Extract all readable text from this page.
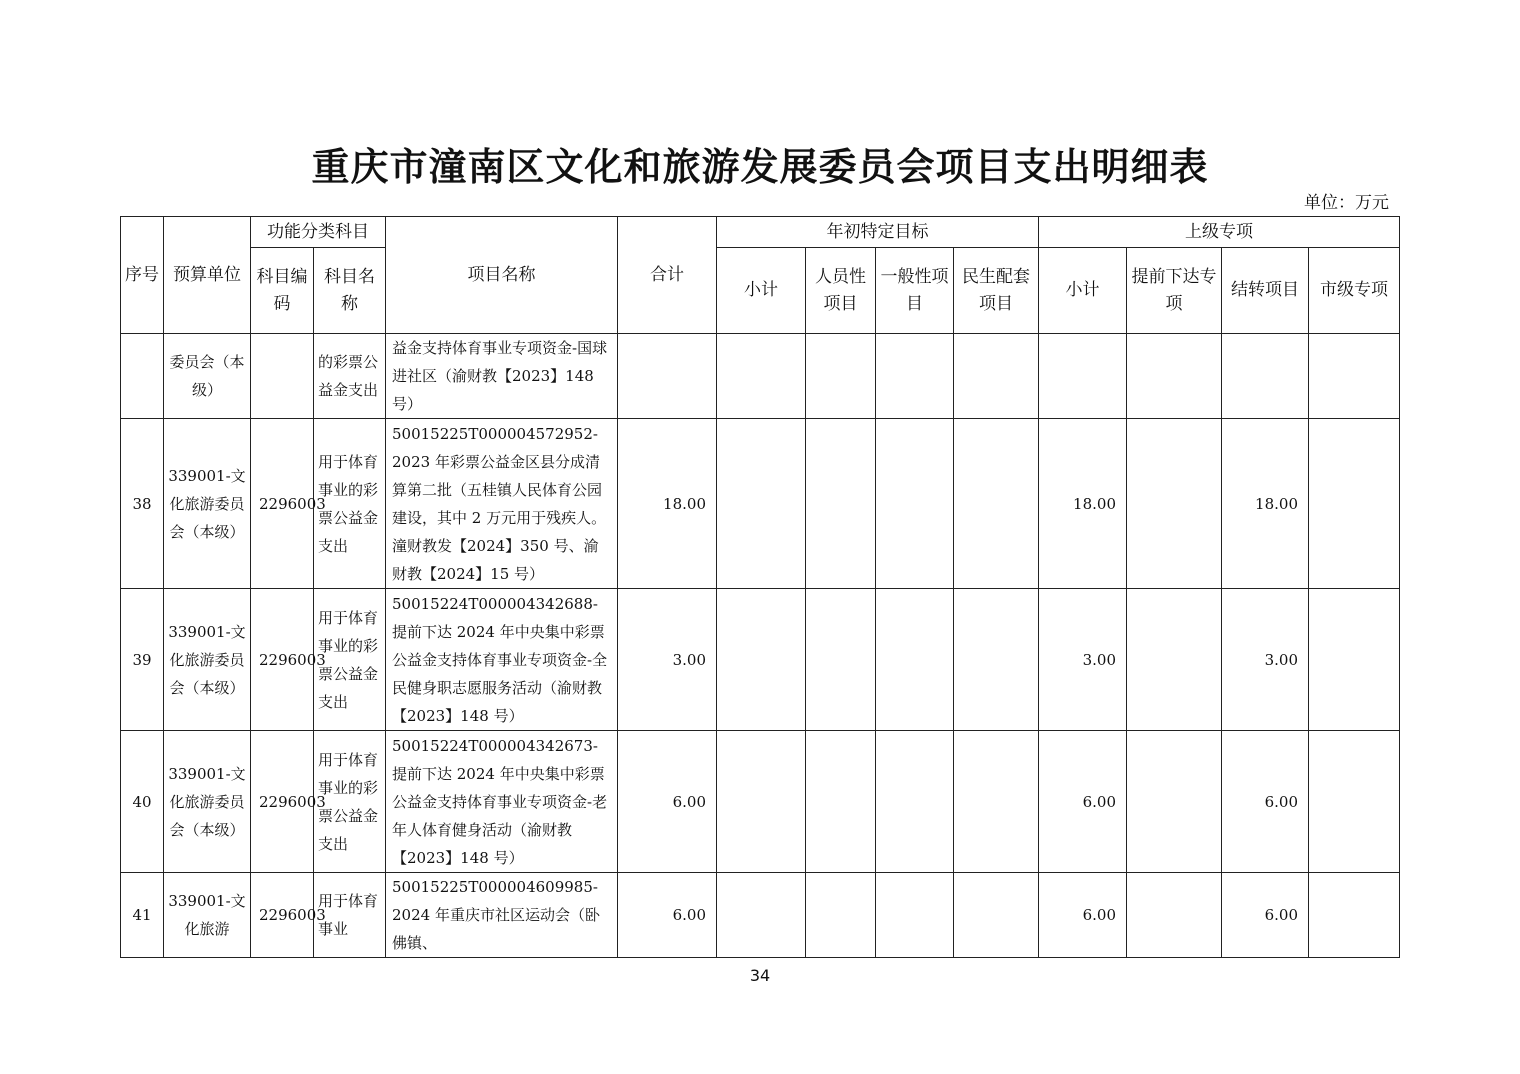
重庆市潼南区文化和旅游发展委员会项目支出明细表
单位：万元
序号	预算单位	功能分类科目		项目名称	合计	年初特定目标				上级专项			
		科目编码	科目名称			小计	人员性项目	一般性项目	民生配套项目	小计	提前下达专项	结转项目	市级专项
	委员会（本级）		的彩票公益金支出	益金支持体育事业专项资金-国球进社区（渝财教【2023】148 号）									
38	339001-文化旅游委员会（本级）	2296003	用于体育事业的彩票公益金支出	50015225T000004572952-2023 年彩票公益金区县分成清算第二批（五桂镇人民体育公园建设，其中 2 万元用于残疾人。潼财教发【2024】350 号、渝财教【2024】15 号）	18.00					18.00		18.00	
39	339001-文化旅游委员会（本级）	2296003	用于体育事业的彩票公益金支出	50015224T000004342688-提前下达 2024 年中央集中彩票公益金支持体育事业专项资金-全民健身职志愿服务活动（渝财教【2023】148 号）	3.00					3.00		3.00	
40	339001-文化旅游委员会（本级）	2296003	用于体育事业的彩票公益金支出	50015224T000004342673-提前下达 2024 年中央集中彩票公益金支持体育事业专项资金-老年人体育健身活动（渝财教【2023】148 号）	6.00					6.00		6.00	
41	339001-文化旅游	2296003	用于体育事业	50015225T000004609985-2024 年重庆市社区运动会（卧佛镇、	6.00					6.00		6.00	
34
